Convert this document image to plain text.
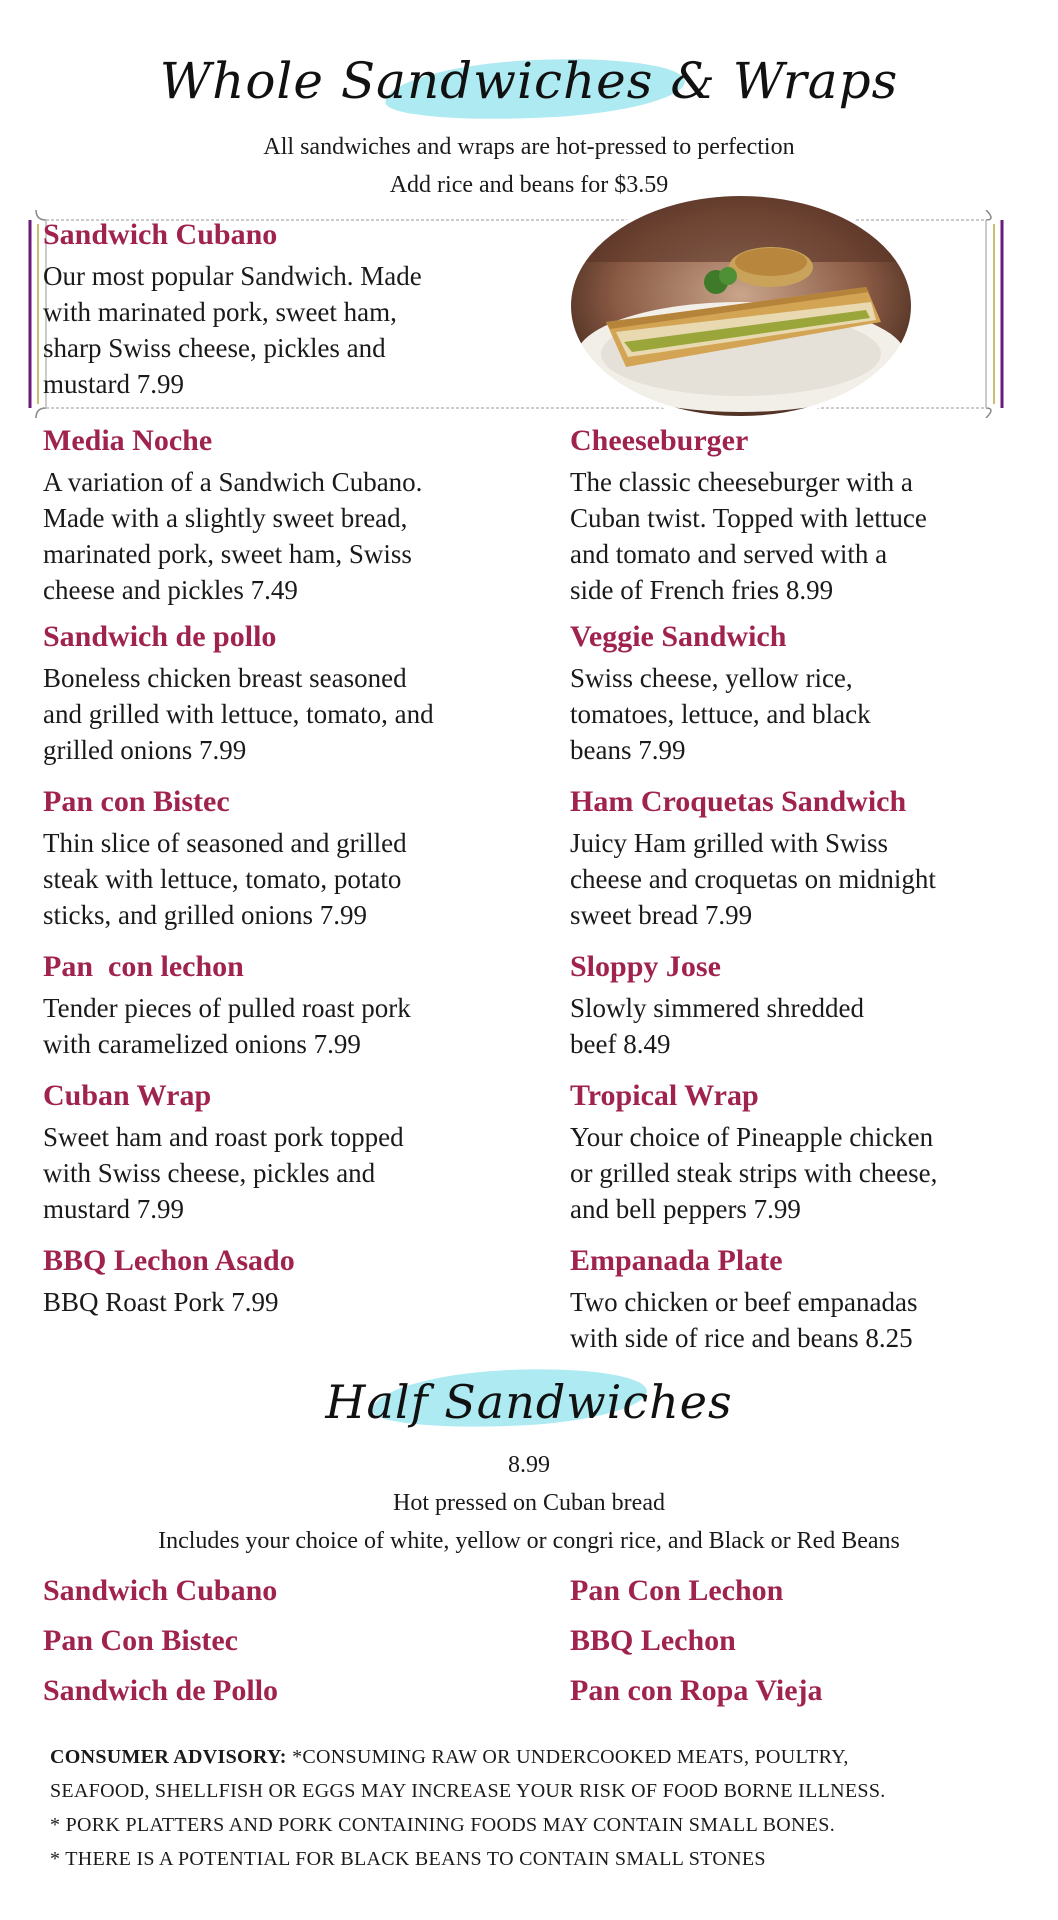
Whole Sandwiches & Wraps
All sandwiches and wraps are hot-pressed to perfection
Add rice and beans for $3.59
Sandwich Cubano
Our most popular Sandwich. Made
with marinated pork, sweet ham,
sharp Swiss cheese, pickles and
mustard 7.99
Media Noche
A variation of a Sandwich Cubano.
Made with a slightly sweet bread,
marinated pork, sweet ham, Swiss
cheese and pickles 7.49
Sandwich de pollo
Boneless chicken breast seasoned
and grilled with lettuce, tomato, and
grilled onions 7.99
Pan con Bistec
Thin slice of seasoned and grilled
steak with lettuce, tomato, potato
sticks, and grilled onions 7.99
Pan  con lechon
Tender pieces of pulled roast pork
with caramelized onions 7.99
Cuban Wrap
Sweet ham and roast pork topped
with Swiss cheese, pickles and
mustard 7.99
BBQ Lechon Asado
BBQ Roast Pork 7.99
Cheeseburger
The classic cheeseburger with a
Cuban twist. Topped with lettuce
and tomato and served with a
side of French fries 8.99
Veggie Sandwich
Swiss cheese, yellow rice,
tomatoes, lettuce, and black
beans 7.99
Ham Croquetas Sandwich
Juicy Ham grilled with Swiss
cheese and croquetas on midnight
sweet bread 7.99
Sloppy Jose
Slowly simmered shredded
beef 8.49
Tropical Wrap
Your choice of Pineapple chicken
or grilled steak strips with cheese,
and bell peppers 7.99
Empanada Plate
Two chicken or beef empanadas
with side of rice and beans 8.25
Half Sandwiches
8.99
Hot pressed on Cuban bread
Includes your choice of white, yellow or congri rice, and Black or Red Beans
Sandwich Cubano
Pan Con Bistec
Sandwich de Pollo
Pan Con Lechon
BBQ Lechon
Pan con Ropa Vieja
CONSUMER ADVISORY: *CONSUMING RAW OR UNDERCOOKED MEATS, POULTRY,
SEAFOOD, SHELLFISH OR EGGS MAY INCREASE YOUR RISK OF FOOD BORNE ILLNESS.
* PORK PLATTERS AND PORK CONTAINING FOODS MAY CONTAIN SMALL BONES.
* THERE IS A POTENTIAL FOR BLACK BEANS TO CONTAIN SMALL STONES
